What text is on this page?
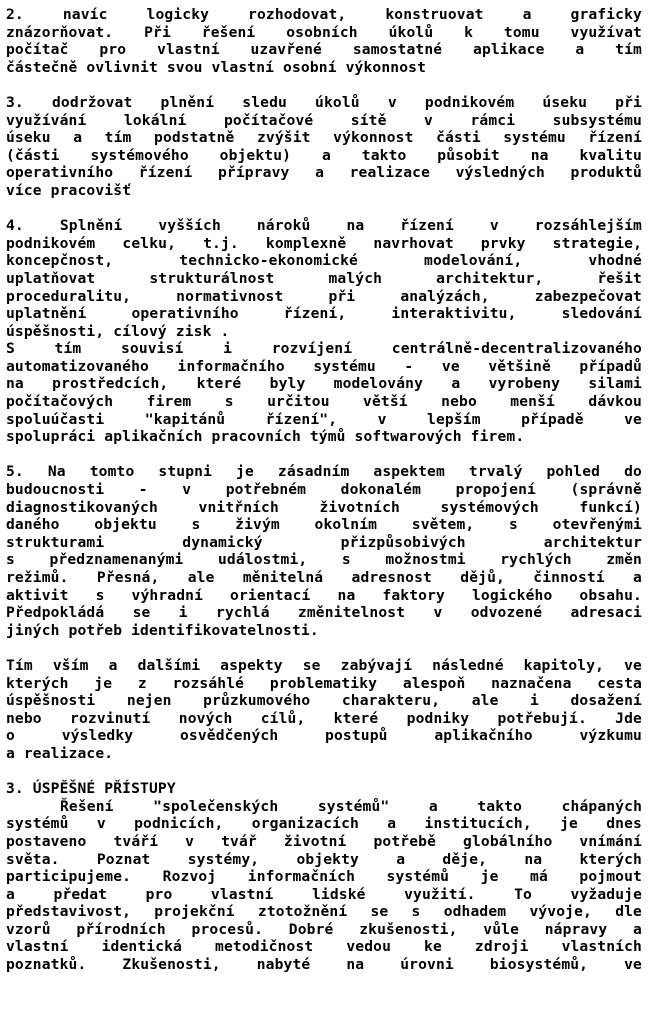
2. navíc logicky rozhodovat, konstruovat a graficky
znázorňovat. Při řešení osobních úkolů k tomu využívat
počítač pro vlastní uzavřené samostatné aplikace a tím
částečně ovlivnit svou vlastní osobní výkonnost
3. dodržovat plnění sledu úkolů v podnikovém úseku při
využívání lokální počítačové sítě v rámci subsystému
úseku a tím podstatně zvýšit výkonnost části systému řízení
(části systémového objektu) a takto působit na kvalitu
operativního řízení přípravy a realizace výsledných produktů
více pracovišť
4. Splnění vyšších nároků na řízení v rozsáhlejším
podnikovém celku, t.j. komplexně navrhovat prvky strategie,
koncepčnost, technicko-ekonomické modelování, vhodné
uplatňovat strukturálnost malých architektur, řešit
proceduralitu, normativnost při analýzách, zabezpečovat
uplatnění operativního řízení, interaktivitu, sledování
úspěšnosti, cílový zisk .
S tím souvisí i rozvíjení centrálně-decentralizovaného
automatizovaného informačního systému - ve většině případů
na prostředcích, které byly modelovány a vyrobeny silami
počítačových firem s určitou větší nebo menší dávkou
spoluúčasti "kapitánů řízení", v lepším případě ve
spolupráci aplikačních pracovních týmů softwarových firem.
5. Na tomto stupni je zásadním aspektem trvalý pohled do
budoucnosti - v potřebném dokonalém propojení (správně
diagnostikovaných vnitřních životních systémových funkcí)
daného objektu s živým okolním světem, s otevřenými
strukturami dynamický přizpůsobivých architektur
s předznamenanými událostmi, s možnostmi rychlých změn
režimů. Přesná, ale měnitelná adresnost dějů, činností a
aktivit s výhradní orientací na faktory logického obsahu.
Předpokládá se i rychlá změnitelnost v odvozené adresaci
jiných potřeb identifikovatelnosti.
Tím vším a dalšími aspekty se zabývají následné kapitoly, ve
kterých je z rozsáhlé problematiky alespoň naznačena cesta
úspěšnosti nejen průzkumového charakteru, ale i dosažení
nebo rozvinutí nových cílů, které podniky potřebují. Jde
o výsledky osvědčených postupů aplikačního výzkumu
a realizace.
3. ÚSPĚŠNÉ PŘÍSTUPY
Řešení "společenských systémů" a takto chápaných
systémů v podnicích, organizacích a institucích, je dnes
postaveno tváří v tvář životní potřebě globálního vnímání
světa. Poznat systémy, objekty a děje, na kterých
participujeme. Rozvoj informačních systémů je má pojmout
a předat pro vlastní lidské využití. To vyžaduje
představivost, projekční ztotožnění se s odhadem vývoje, dle
vzorů přírodních procesů. Dobré zkušenosti, vůle nápravy a
vlastní identická metodičnost vedou ke zdroji vlastních
poznatků. Zkušenosti, nabyté na úrovni biosystémů, ve
